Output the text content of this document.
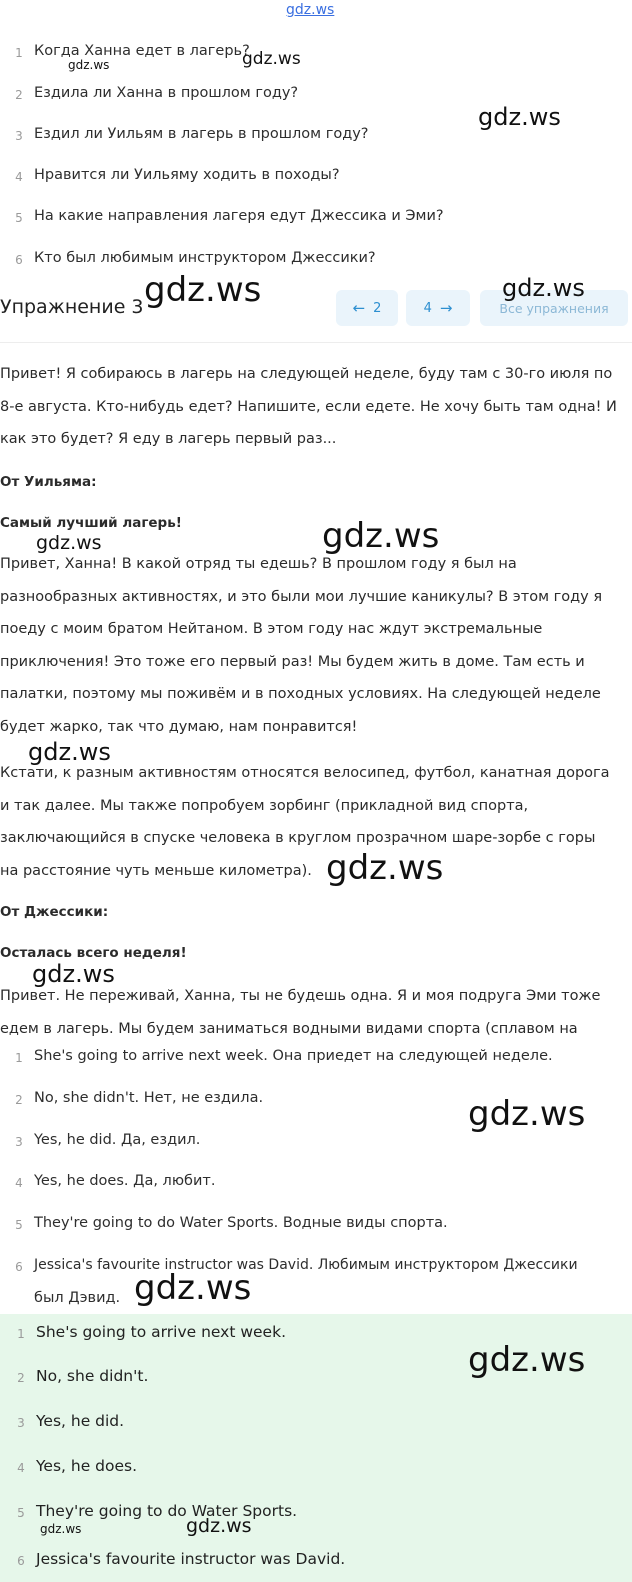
gdz.ws
1 Когда Ханна едет в лагерь?
2 Ездила ли Ханна в прошлом году?
3 Ездил ли Уильям в лагерь в прошлом году?
4 Нравится ли Уильяму ходить в походы?
5 На какие направления лагеря едут Джессика и Эми?
6 Кто был любимым инструктором Джессики?
Упражнение 3	← 2	4 →	Все упражнения
Привет! Я собираюсь в лагерь на следующей неделе, буду там с 30-го июля по
8-е августа. Кто-нибудь едет? Напишите, если едете. Не хочу быть там одна! И
как это будет? Я еду в лагерь первый раз...
От Уильяма:
Самый лучший лагерь!
Привет, Ханна! В какой отряд ты едешь? В прошлом году я был на
разнообразных активностях, и это были мои лучшие каникулы? В этом году я
поеду с моим братом Нейтаном. В этом году нас ждут экстремальные
приключения! Это тоже его первый раз! Мы будем жить в доме. Там есть и
палатки, поэтому мы поживём и в походных условиях. На следующей неделе
будет жарко, так что думаю, нам понравится!
Кстати, к разным активностям относятся велосипед, футбол, канатная дорога
и так далее. Мы также попробуем зорбинг (прикладной вид спорта,
заключающийся в спуске человека в круглом прозрачном шаре-зорбе с горы
на расстояние чуть меньше километра).
От Джессики:
Осталась всего неделя!
Привет. Не переживай, Ханна, ты не будешь одна. Я и моя подруга Эми тоже
едем в лагерь. Мы будем заниматься водными видами спорта (сплавом на
1 She's going to arrive next week. Она приедет на следующей неделе.
2 No, she didn't. Нет, не ездила.
3 Yes, he did. Да, ездил.
4 Yes, he does. Да, любит.
5 They're going to do Water Sports. Водные виды спорта.
6 Jessica's favourite instructor was David. Любимым инструктором Джессики
был Дэвид.
1 She's going to arrive next week.
2 No, she didn't.
3 Yes, he did.
4 Yes, he does.
5 They're going to do Water Sports.
6 Jessica's favourite instructor was David.
gdz.ws
gdz.ws
gdz.ws
gdz.ws	gdz.ws
gdz.ws
gdz.ws
gdz.ws
gdz.ws
gdz.ws
gdz.ws
gdz.ws
gdz.ws
gdz.ws
gdz.ws
